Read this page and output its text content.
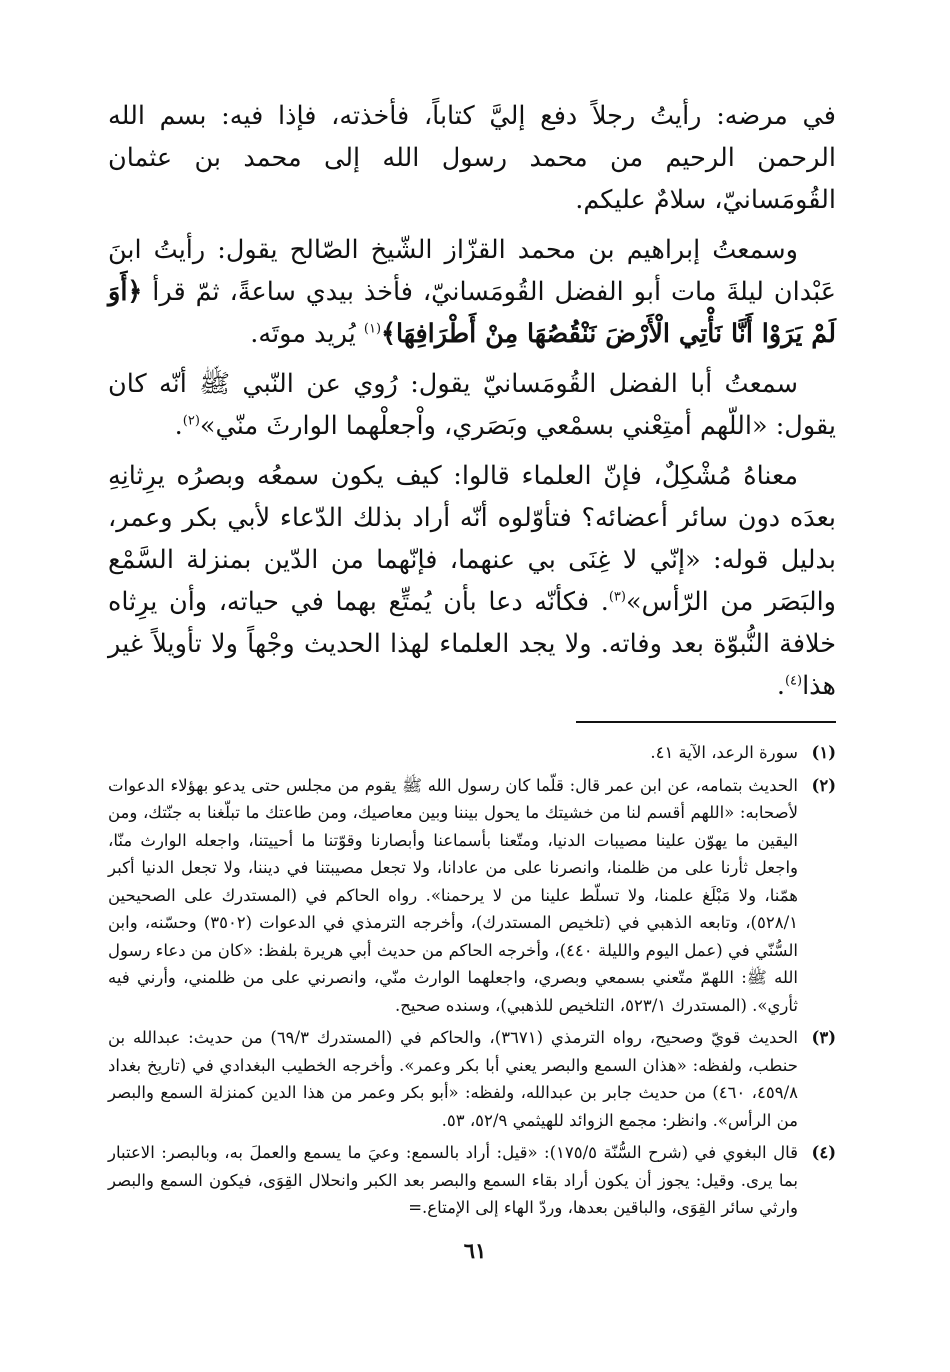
في مرضه: رأيتُ رجلاً دفع إليَّ كتاباً، فأخذته، فإذا فيه: بسم الله الرحمن الرحيم من محمد رسول الله إلى محمد بن عثمان القُومَسانيّ، سلامٌ عليكم.

وسمعتُ إبراهيم بن محمد القزّاز الشّيخ الصّالح يقول: رأيتُ ابنَ عَبْدان ليلةَ مات أبو الفضل القُومَسانيّ، فأخذ بيدي ساعةً، ثمّ قرأ ﴿أَوَ لَمْ يَرَوْا أَنَّا نَأْتِي الْأَرْضَ نَنْقُصُهَا مِنْ أَطْرَافِهَا﴾$^{(١)}$ يُريد موتَه.

سمعتُ أبا الفضل القُومَسانيّ يقول: رُوي عن النّبي ﷺ أنّه كان يقول: «اللّهم أمتِعْني بسمْعي وبَصَري، واْجعلْهما الوارثَ منّي»$^{(٢)}$.

معناهُ مُشْكِلٌ، فإنّ العلماء قالوا: كيف يكون سمعُه وبصرُه يرِثانِهِ بعدَه دون سائر أعضائه؟ فتأوّلوه أنّه أراد بذلك الدّعاء لأبي بكر وعمر، بدليل قوله: «إنّي لا غِنَى بي عنهما، فإنّهما من الدّين بمنزلة السَّمْع والبَصَر من الرّأس»$^{(٣)}$. فكأنّه دعا بأن يُمتِّع بهما في حياته، وأن يرِثاه خلافة النُّبوّة بعد وفاته. ولا يجد العلماء لهذا الحديث وجْهاً ولا تأويلاً غير هذا$^{(٤)}$.

(١)
سورة الرعد، الآية ٤١.
(٢)
الحديث بتمامه، عن ابن عمر قال: قلّما كان رسول الله ﷺ يقوم من مجلس حتى يدعو بهؤلاء الدعوات لأصحابه: «اللهم أقسم لنا من خشيتك ما يحول بيننا وبين معاصيك، ومن طاعتك ما تبلّغنا به جنّتك، ومن اليقين ما يهوّن علينا مصيبات الدنيا، ومتّعنا بأسماعنا وأبصارنا وقوّتنا ما أحييتنا، واجعله الوارث منّا، واجعل ثأرنا على من ظلمنا، وانصرنا على من عادانا، ولا تجعل مصيبتنا في ديننا، ولا تجعل الدنيا أكبر همّنا، ولا مَبْلَغ علمنا، ولا تسلّط علينا من لا يرحمنا». رواه الحاكم في (المستدرك على الصحيحين ٥٢٨/١)، وتابعه الذهبي في (تلخيص المستدرك)، وأخرجه الترمذي في الدعوات (٣٥٠٢) وحسّنه، وابن السُّنّي في (عمل اليوم والليلة ٤٤٠)، وأخرجه الحاكم من حديث أبي هريرة بلفظ: «كان من دعاء رسول الله ﷺ: اللهمّ متّعني بسمعي وبصري، واجعلهما الوارث منّي، وانصرني على من ظلمني، وأرني فيه ثأري». (المستدرك ٥٢٣/١، التلخيص للذهبي)، وسنده صحيح.
(٣)
الحديث قويّ وصحيح، رواه الترمذي (٣٦٧١)، والحاكم في (المستدرك ٦٩/٣) من حديث: عبدالله بن حنطب، ولفظه: «هذان السمع والبصر يعني أبا بكر وعمر». وأخرجه الخطيب البغدادي في (تاريخ بغداد ٤٥٩/٨، ٤٦٠) من حديث جابر بن عبدالله، ولفظه: «أبو بكر وعمر من هذا الدين كمنزلة السمع والبصر من الرأس». وانظر: مجمع الزوائد للهيثمي ٥٢/٩، ٥٣.
(٤)
قال البغوي في (شرح السُّنّة ١٧٥/٥): «قيل: أراد بالسمع: وعيَ ما يسمع والعملَ به، وبالبصر: الاعتبار بما يرى. وقيل: يجوز أن يكون أراد بقاء السمع والبصر بعد الكبر وانحلال القِوَى، فيكون السمع والبصر وارثي سائر القِوَى، والباقين بعدها، وردّ الهاء إلى الإمتاع.=
٦١
